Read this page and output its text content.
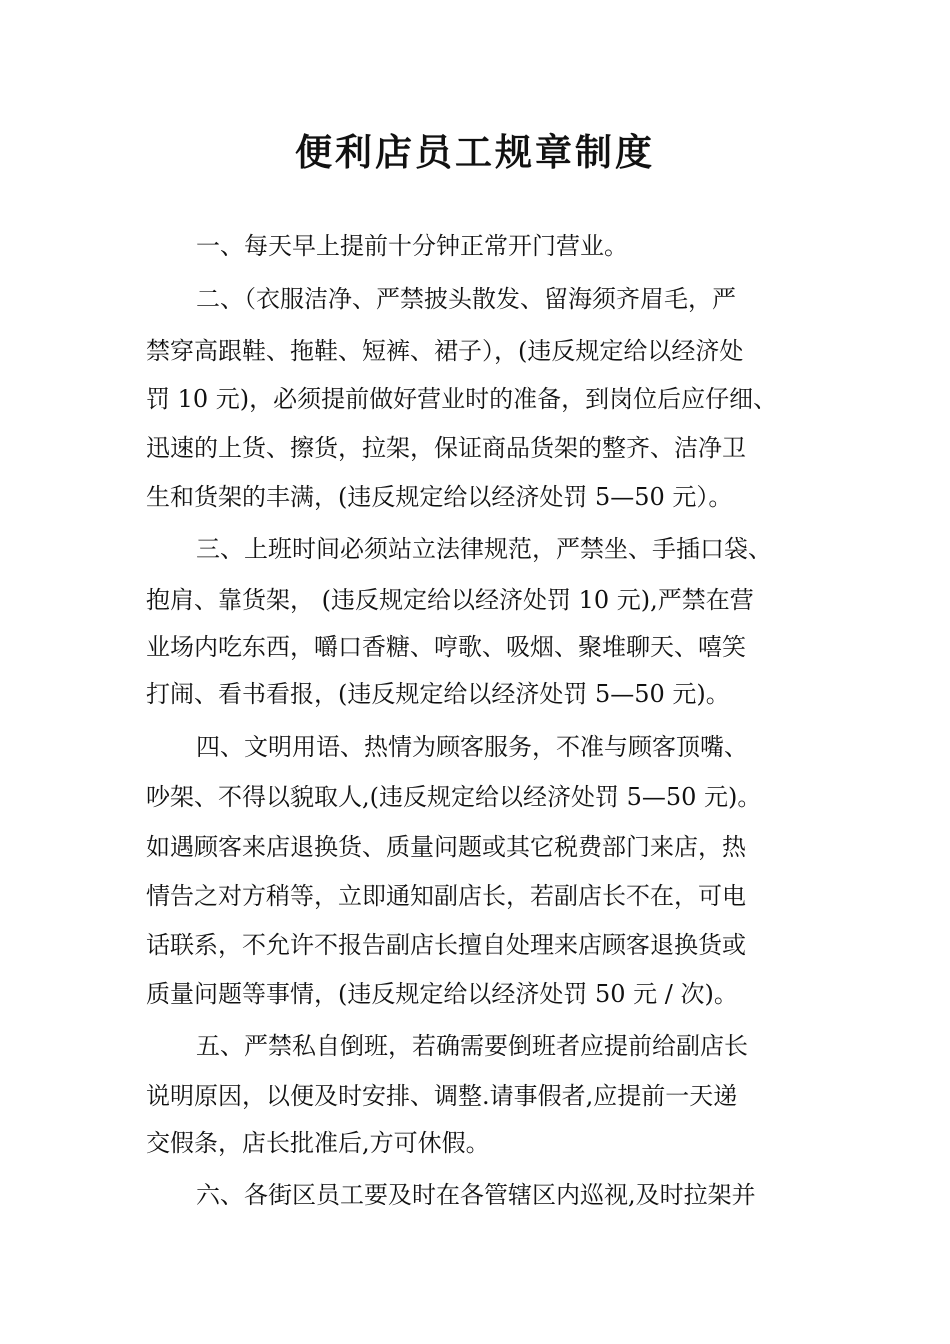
便利店员工规章制度
一、每天早上提前十分钟正常开门营业。
二、（衣服洁净、严禁披头散发、留海须齐眉毛，严
禁穿高跟鞋、拖鞋、短裤、裙子），(违反规定给以经济处
罚 10 元)，必须提前做好营业时的准备，到岗位后应仔细、
迅速的上货、擦货，拉架，保证商品货架的整齐、洁净卫
生和货架的丰满，(违反规定给以经济处罚 5—50 元）。
三、上班时间必须站立法律规范，严禁坐、手插口袋、
抱肩、靠货架， (违反规定给以经济处罚 10 元),严禁在营
业场内吃东西，嚼口香糖、哼歌、吸烟、聚堆聊天、嘻笑
打闹、看书看报，(违反规定给以经济处罚 5—50 元)。
四、文明用语、热情为顾客服务，不准与顾客顶嘴、
吵架、不得以貌取人,(违反规定给以经济处罚 5—50 元)。
如遇顾客来店退换货、质量问题或其它税费部门来店，热
情告之对方稍等，立即通知副店长，若副店长不在，可电
话联系，不允许不报告副店长擅自处理来店顾客退换货或
质量问题等事情，(违反规定给以经济处罚 50 元 / 次)。
五、严禁私自倒班，若确需要倒班者应提前给副店长
说明原因，以便及时安排、调整.请事假者,应提前一天递
交假条，店长批准后,方可休假。
六、各街区员工要及时在各管辖区内巡视,及时拉架并
